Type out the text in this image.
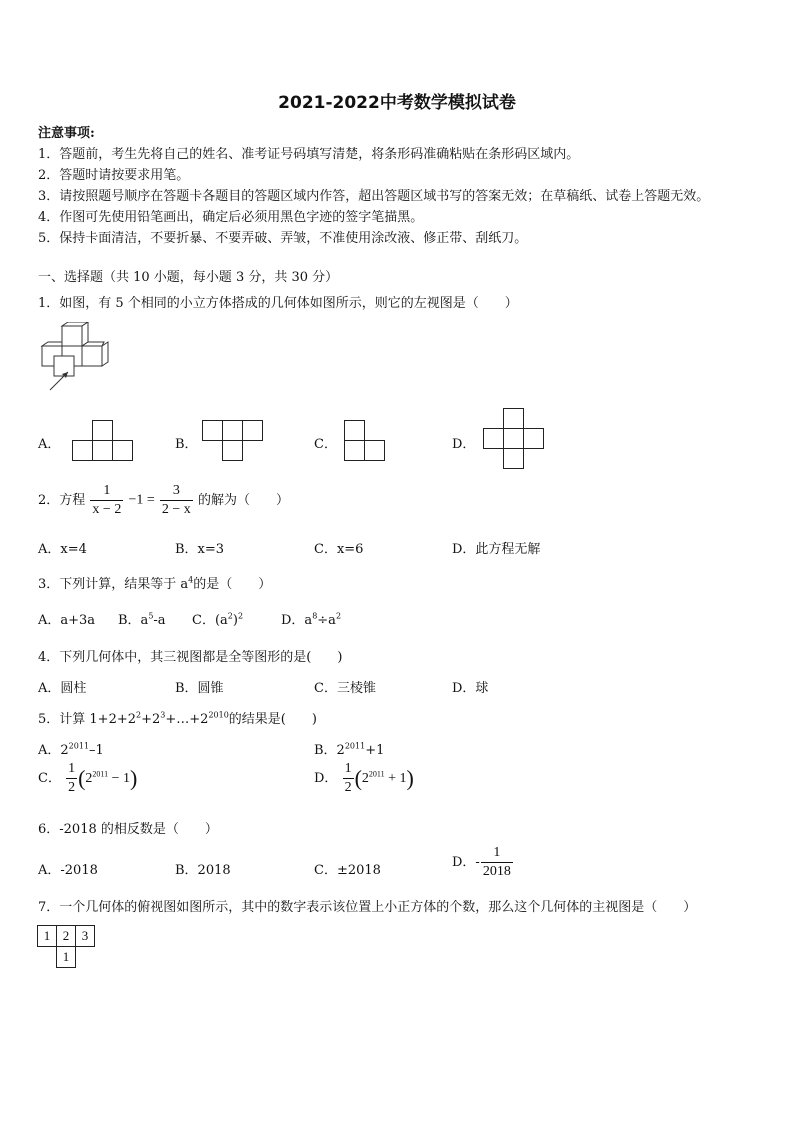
2021-2022中考数学模拟试卷
注意事项:
1．答题前，考生先将自己的姓名、准考证号码填写清楚，将条形码准确粘贴在条形码区域内。
2．答题时请按要求用笔。
3．请按照题号顺序在答题卡各题目的答题区域内作答，超出答题区域书写的答案无效；在草稿纸、试卷上答题无效。
4．作图可先使用铅笔画出，确定后必须用黑色字迹的签字笔描黑。
5．保持卡面清洁，不要折暴、不要弄破、弄皱，不准使用涂改液、修正带、刮纸刀。
一、选择题（共 10 小题，每小题 3 分，共 30 分）
1．如图，有 5 个相同的小立方体搭成的几何体如图所示，则它的左视图是（　　）
A．	B．	C．	D．
2．方程 $\frac{1}{x - 2} -1 = \frac{3}{2 - x}$ 的解为（　　）
A．x=4	B．x=3	C．x=6	D．此方程无解
3．下列计算，结果等于 $a^4$的是（　　）
A．a+3a B．$a^5-a$ C．$(a^2)^2$	D．$a^8\div a^2$
4．下列几何体中，其三视图都是全等图形的是(　　)
A．圆柱	B．圆锥	C．三棱锥	D．球
5．计算 $1+2+2^2+2^3+\dots+2^{2010}$的结果是(　　)
A．$2^{2011}-1$	B．$2^{2011}+1$
C． $\frac{1}{2} (2^{2011} - 1)$	D． $\frac{1}{2} (2^{2011} + 1)$
6．-2018 的相反数是（　　）
A．-2018	B．2018	C．±2018
D．- $\frac{1}{2018}$
7．一个几何体的俯视图如图所示，其中的数字表示该位置上小正方体的个数，那么这个几何体的主视图是（　　）
1	2	3
	1	
